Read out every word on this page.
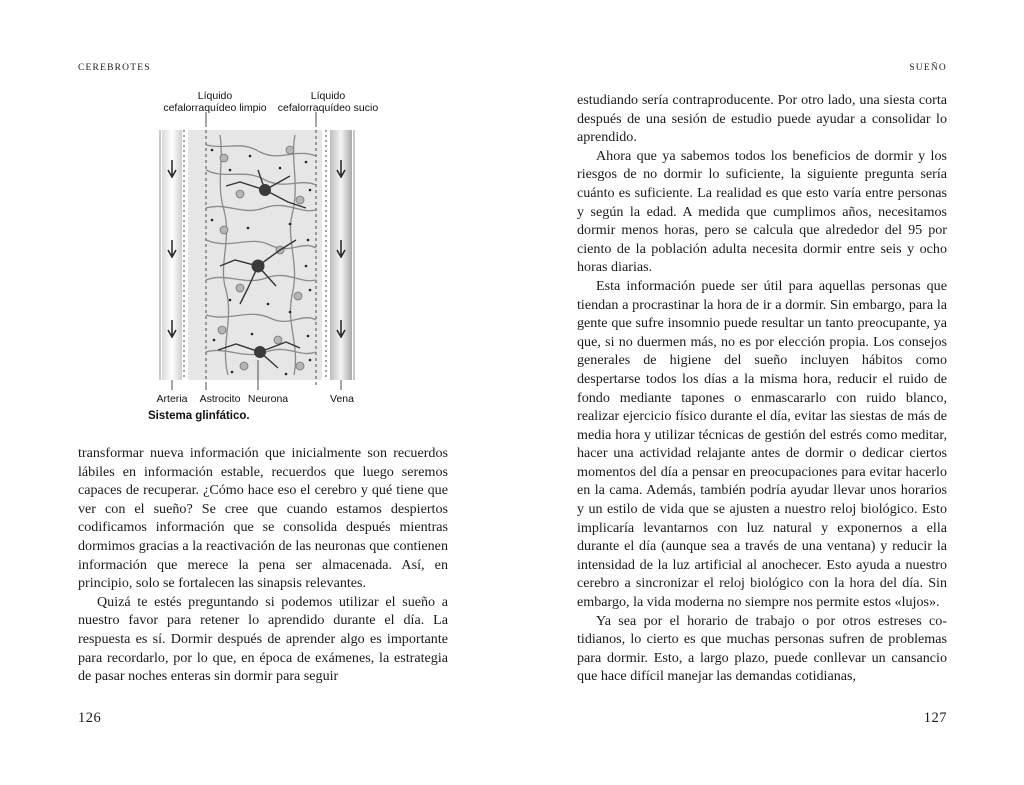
CEREBROTES
Líquido
cefalorraquídeo limpio
Líquido
cefalorraquídeo sucio
Arteria	Astrocito Neurona	Vena
Sistema glinfático.

transformar nueva información que inicialmente son recuerdos lábiles en información estable, recuerdos que luego seremos capaces de recuperar. ¿Cómo hace eso el cerebro y qué tiene que ver con el sueño? Se cree que cuando estamos despiertos codificamos información que se consolida después mientras dormimos gracias a la reactivación de las neuronas que contienen información que merece la pena ser almacenada. Así, en principio, solo se fortalecen las sinapsis relevantes.

Quizá te estés preguntando si podemos utilizar el sueño a nuestro favor para retener lo aprendido durante el día. La respuesta es sí. Dormir después de aprender algo es importante para recordarlo, por lo que, en época de exámenes, la estrategia de pasar noches enteras sin dormir para seguir

126
SUEÑO
127

estudiando sería contraproducente. Por otro lado, una siesta corta después de una sesión de estudio puede ayudar a consolidar lo aprendido.

Ahora que ya sabemos todos los beneficios de dormir y los riesgos de no dormir lo suficiente, la siguiente pregunta sería cuánto es suficiente. La realidad es que esto varía entre personas y según la edad. A medida que cumplimos años, necesitamos dormir menos horas, pero se calcula que alrededor del 95 por ciento de la población adulta necesita dormir entre seis y ocho horas diarias.

Esta información puede ser útil para aquellas personas que tiendan a procrastinar la hora de ir a dormir. Sin embargo, para la gente que sufre insomnio puede resultar un tanto preocupante, ya que, si no duermen más, no es por elección propia. Los consejos generales de higiene del sueño incluyen hábitos como despertarse todos los días a la misma hora, reducir el ruido de fondo mediante tapones o enmascararlo con ruido blanco, realizar ejercicio físico durante el día, evitar las siestas de más de media hora y utilizar técnicas de gestión del estrés como meditar, hacer una actividad relajante antes de dormir o dedicar ciertos momentos del día a pensar en preocupaciones para evitar hacerlo en la cama. Además, también podría ayudar llevar unos horarios y un estilo de vida que se ajusten a nuestro reloj biológico. Esto implicaría levantarnos con luz natural y exponernos a ella durante el día (aunque sea a través de una ventana) y reducir la intensidad de la luz artificial al anochecer. Esto ayuda a nuestro cerebro a sincronizar el reloj biológico con la hora del día. Sin embargo, la vida moderna no siempre nos permite estos «lujos».

Ya sea por el horario de trabajo o por otros estreses cotidianos, lo cierto es que muchas personas sufren de problemas para dormir. Esto, a largo plazo, puede conllevar un cansancio que hace difícil manejar las demandas cotidianas,
